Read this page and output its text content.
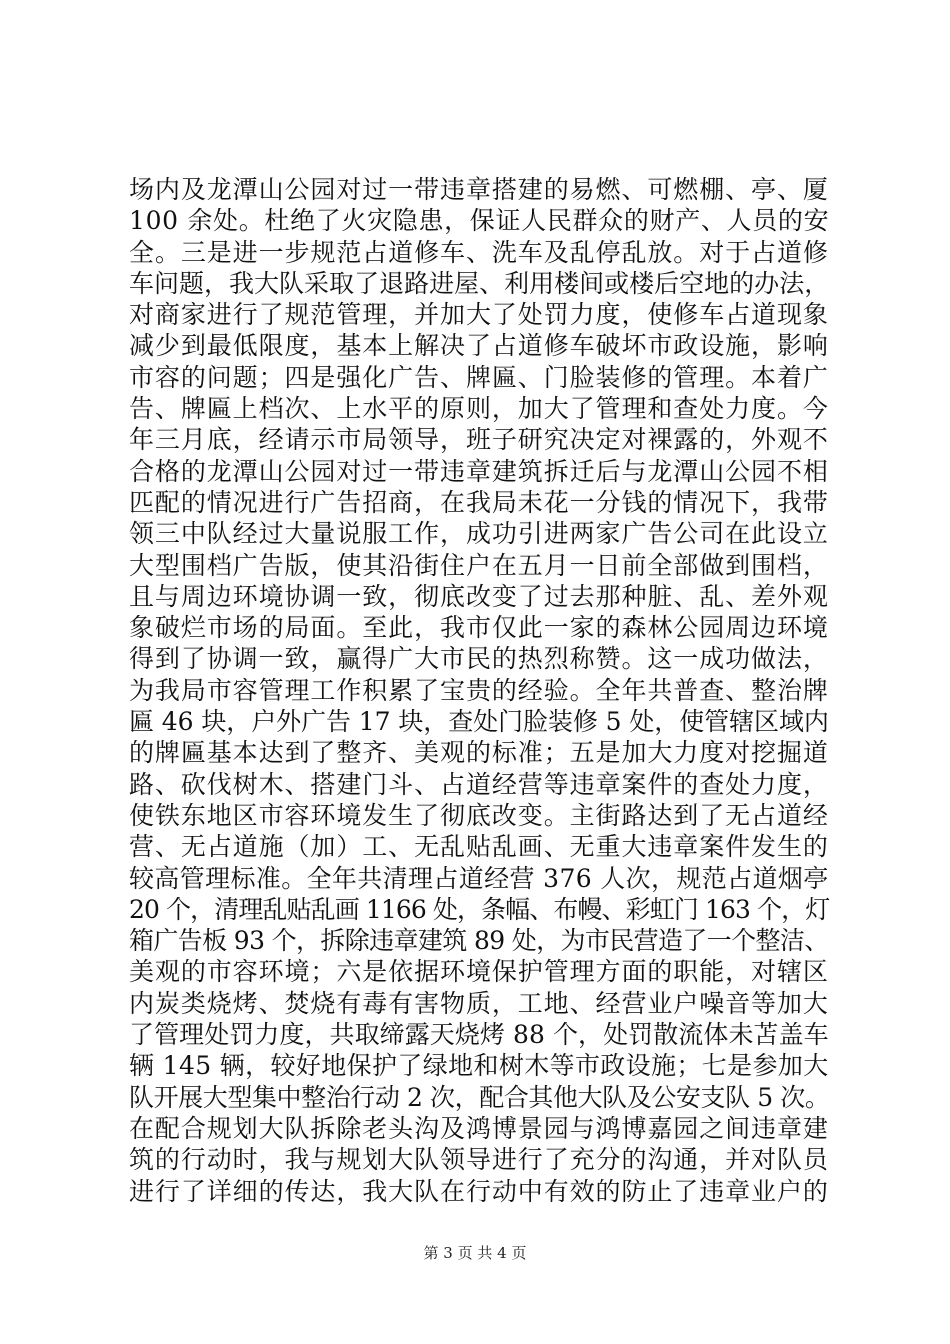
场内及龙潭山公园对过一带违章搭建的易燃、可燃棚、亭、厦
100 余处。杜绝了火灾隐患，保证人民群众的财产、人员的安
全。三是进一步规范占道修车、洗车及乱停乱放。对于占道修
车问题，我大队采取了退路进屋、利用楼间或楼后空地的办法，
对商家进行了规范管理，并加大了处罚力度，使修车占道现象
减少到最低限度，基本上解决了占道修车破坏市政设施，影响
市容的问题；四是强化广告、牌匾、门脸装修的管理。本着广
告、牌匾上档次、上水平的原则，加大了管理和查处力度。今
年三月底，经请示市局领导，班子研究决定对裸露的，外观不
合格的龙潭山公园对过一带违章建筑拆迁后与龙潭山公园不相
匹配的情况进行广告招商，在我局未花一分钱的情况下，我带
领三中队经过大量说服工作，成功引进两家广告公司在此设立
大型围档广告版，使其沿街住户在五月一日前全部做到围档，
且与周边环境协调一致，彻底改变了过去那种脏、乱、差外观
象破烂市场的局面。至此，我市仅此一家的森林公园周边环境
得到了协调一致，赢得广大市民的热烈称赞。这一成功做法，
为我局市容管理工作积累了宝贵的经验。全年共普查、整治牌
匾 46 块，户外广告 17 块，查处门脸装修 5 处，使管辖区域内
的牌匾基本达到了整齐、美观的标准；五是加大力度对挖掘道
路、砍伐树木、搭建门斗、占道经营等违章案件的查处力度，
使铁东地区市容环境发生了彻底改变。主街路达到了无占道经
营、无占道施（加）工、无乱贴乱画、无重大违章案件发生的
较高管理标准。全年共清理占道经营 376 人次，规范占道烟亭
20 个，清理乱贴乱画 1166 处，条幅、布幔、彩虹门 163 个，灯
箱广告板 93 个，拆除违章建筑 89 处，为市民营造了一个整洁、
美观的市容环境；六是依据环境保护管理方面的职能，对辖区
内炭类烧烤、焚烧有毒有害物质，工地、经营业户噪音等加大
了管理处罚力度，共取缔露天烧烤 88 个，处罚散流体未苫盖车
辆 145 辆，较好地保护了绿地和树木等市政设施；七是参加大
队开展大型集中整治行动 2 次，配合其他大队及公安支队 5 次。
在配合规划大队拆除老头沟及鸿博景园与鸿博嘉园之间违章建
筑的行动时，我与规划大队领导进行了充分的沟通，并对队员
进行了详细的传达，我大队在行动中有效的防止了违章业户的
第 3 页 共 4 页
